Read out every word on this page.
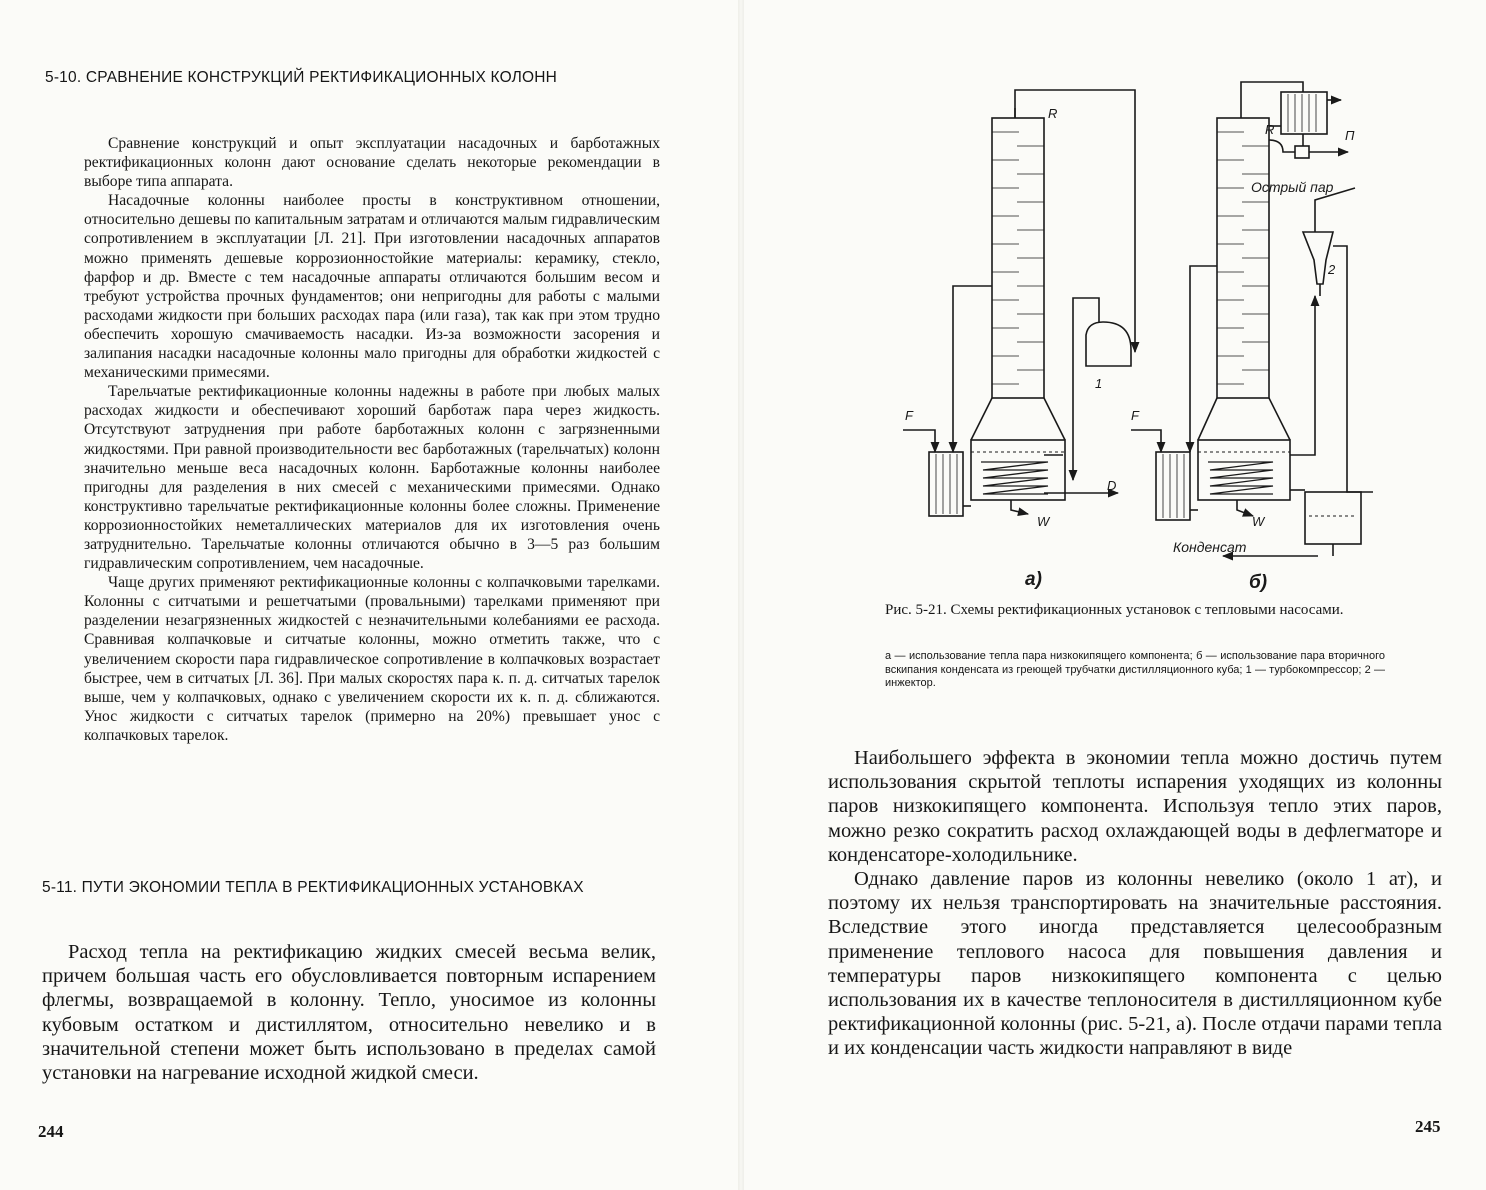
5-10. СРАВНЕНИЕ КОНСТРУКЦИЙ РЕКТИФИКАЦИОННЫХ КОЛОНН

Сравнение конструкций и опыт эксплуатации насадочных и барботажных ректификационных колонн дают основание сделать некоторые рекомендации в выборе типа аппарата.

Насадочные колонны наиболее просты в конструктивном отношении, относительно дешевы по капитальным затратам и отличаются малым гидравлическим сопротивлением в эксплуатации [Л. 21]. При изготовлении насадочных аппаратов можно применять дешевые коррозионностойкие материалы: керамику, стекло, фарфор и др. Вместе с тем насадочные аппараты отличаются большим весом и требуют устройства прочных фундаментов; они непригодны для работы с малыми расходами жидкости при больших расходах пара (или газа), так как при этом трудно обеспечить хорошую смачиваемость насадки. Из-за возможности засорения и залипания насадки насадочные колонны мало пригодны для обработки жидкостей с механическими примесями.

Тарельчатые ректификационные колонны надежны в работе при любых малых расходах жидкости и обеспечивают хороший барботаж пара через жидкость. Отсутствуют затруднения при работе барботажных колонн с загрязненными жидкостями. При равной производительности вес барботажных (тарельчатых) колонн значительно меньше веса насадочных колонн. Барботажные колонны наиболее пригодны для разделения в них смесей с механическими примесями. Однако конструктивно тарельчатые ректификационные колонны более сложны. Применение коррозионностойких неметаллических материалов для их изготовления очень затруднительно. Тарельчатые колонны отличаются обычно в 3—5 раз большим гидравлическим сопротивлением, чем насадочные.

Чаще других применяют ректификационные колонны с колпачковыми тарелками. Колонны с ситчатыми и решетчатыми (провальными) тарелками применяют при разделении незагрязненных жидкостей с незначительными колебаниями ее расхода. Сравнивая колпачковые и ситчатые колонны, можно отметить также, что с увеличением скорости пара гидравлическое сопротивление в колпачковых возрастает быстрее, чем в ситчатых [Л. 36]. При малых скоростях пара к. п. д. ситчатых тарелок выше, чем у колпачковых, однако с увеличением скорости их к. п. д. сближаются. Унос жидкости с ситчатых тарелок (примерно на 20%) превышает унос с колпачковых тарелок.

5-11. ПУТИ ЭКОНОМИИ ТЕПЛА В РЕКТИФИКАЦИОННЫХ УСТАНОВКАХ

Расход тепла на ректификацию жидких смесей весьма велик, причем большая часть его обусловливается повторным испарением флегмы, возвращаемой в колонну. Тепло, уносимое из колонны кубовым остатком и дистиллятом, относительно невелико и в значительной степени может быть использовано в пределах самой установки на нагревание исходной жидкой смеси.

244
R
F
D
W
1
а)
R	П
Острый пар
2
F
W
Конденсат
б)
Рис. 5-21. Схемы ректификационных установок с тепловыми насосами.
а — использование тепла пара низкокипящего компонента; б — использование пара вторичного вскипания конденсата из греющей трубчатки дистилляционного куба; 1 — турбокомпрессор; 2 — инжектор.

Наибольшего эффекта в экономии тепла можно достичь путем использования скрытой теплоты испарения уходящих из колонны паров низкокипящего компонента. Используя тепло этих паров, можно резко сократить расход охлаждающей воды в дефлегматоре и конденсаторе-холодильнике.

Однако давление паров из колонны невелико (около 1 ат), и поэтому их нельзя транспортировать на значительные расстояния. Вследствие этого иногда представляется целесообразным применение теплового насоса для повышения давления и температуры паров низкокипящего компонента с целью использования их в качестве теплоносителя в дистилляционном кубе ректификационной колонны (рис. 5-21, а). После отдачи парами тепла и их конденсации часть жидкости направляют в виде

245
